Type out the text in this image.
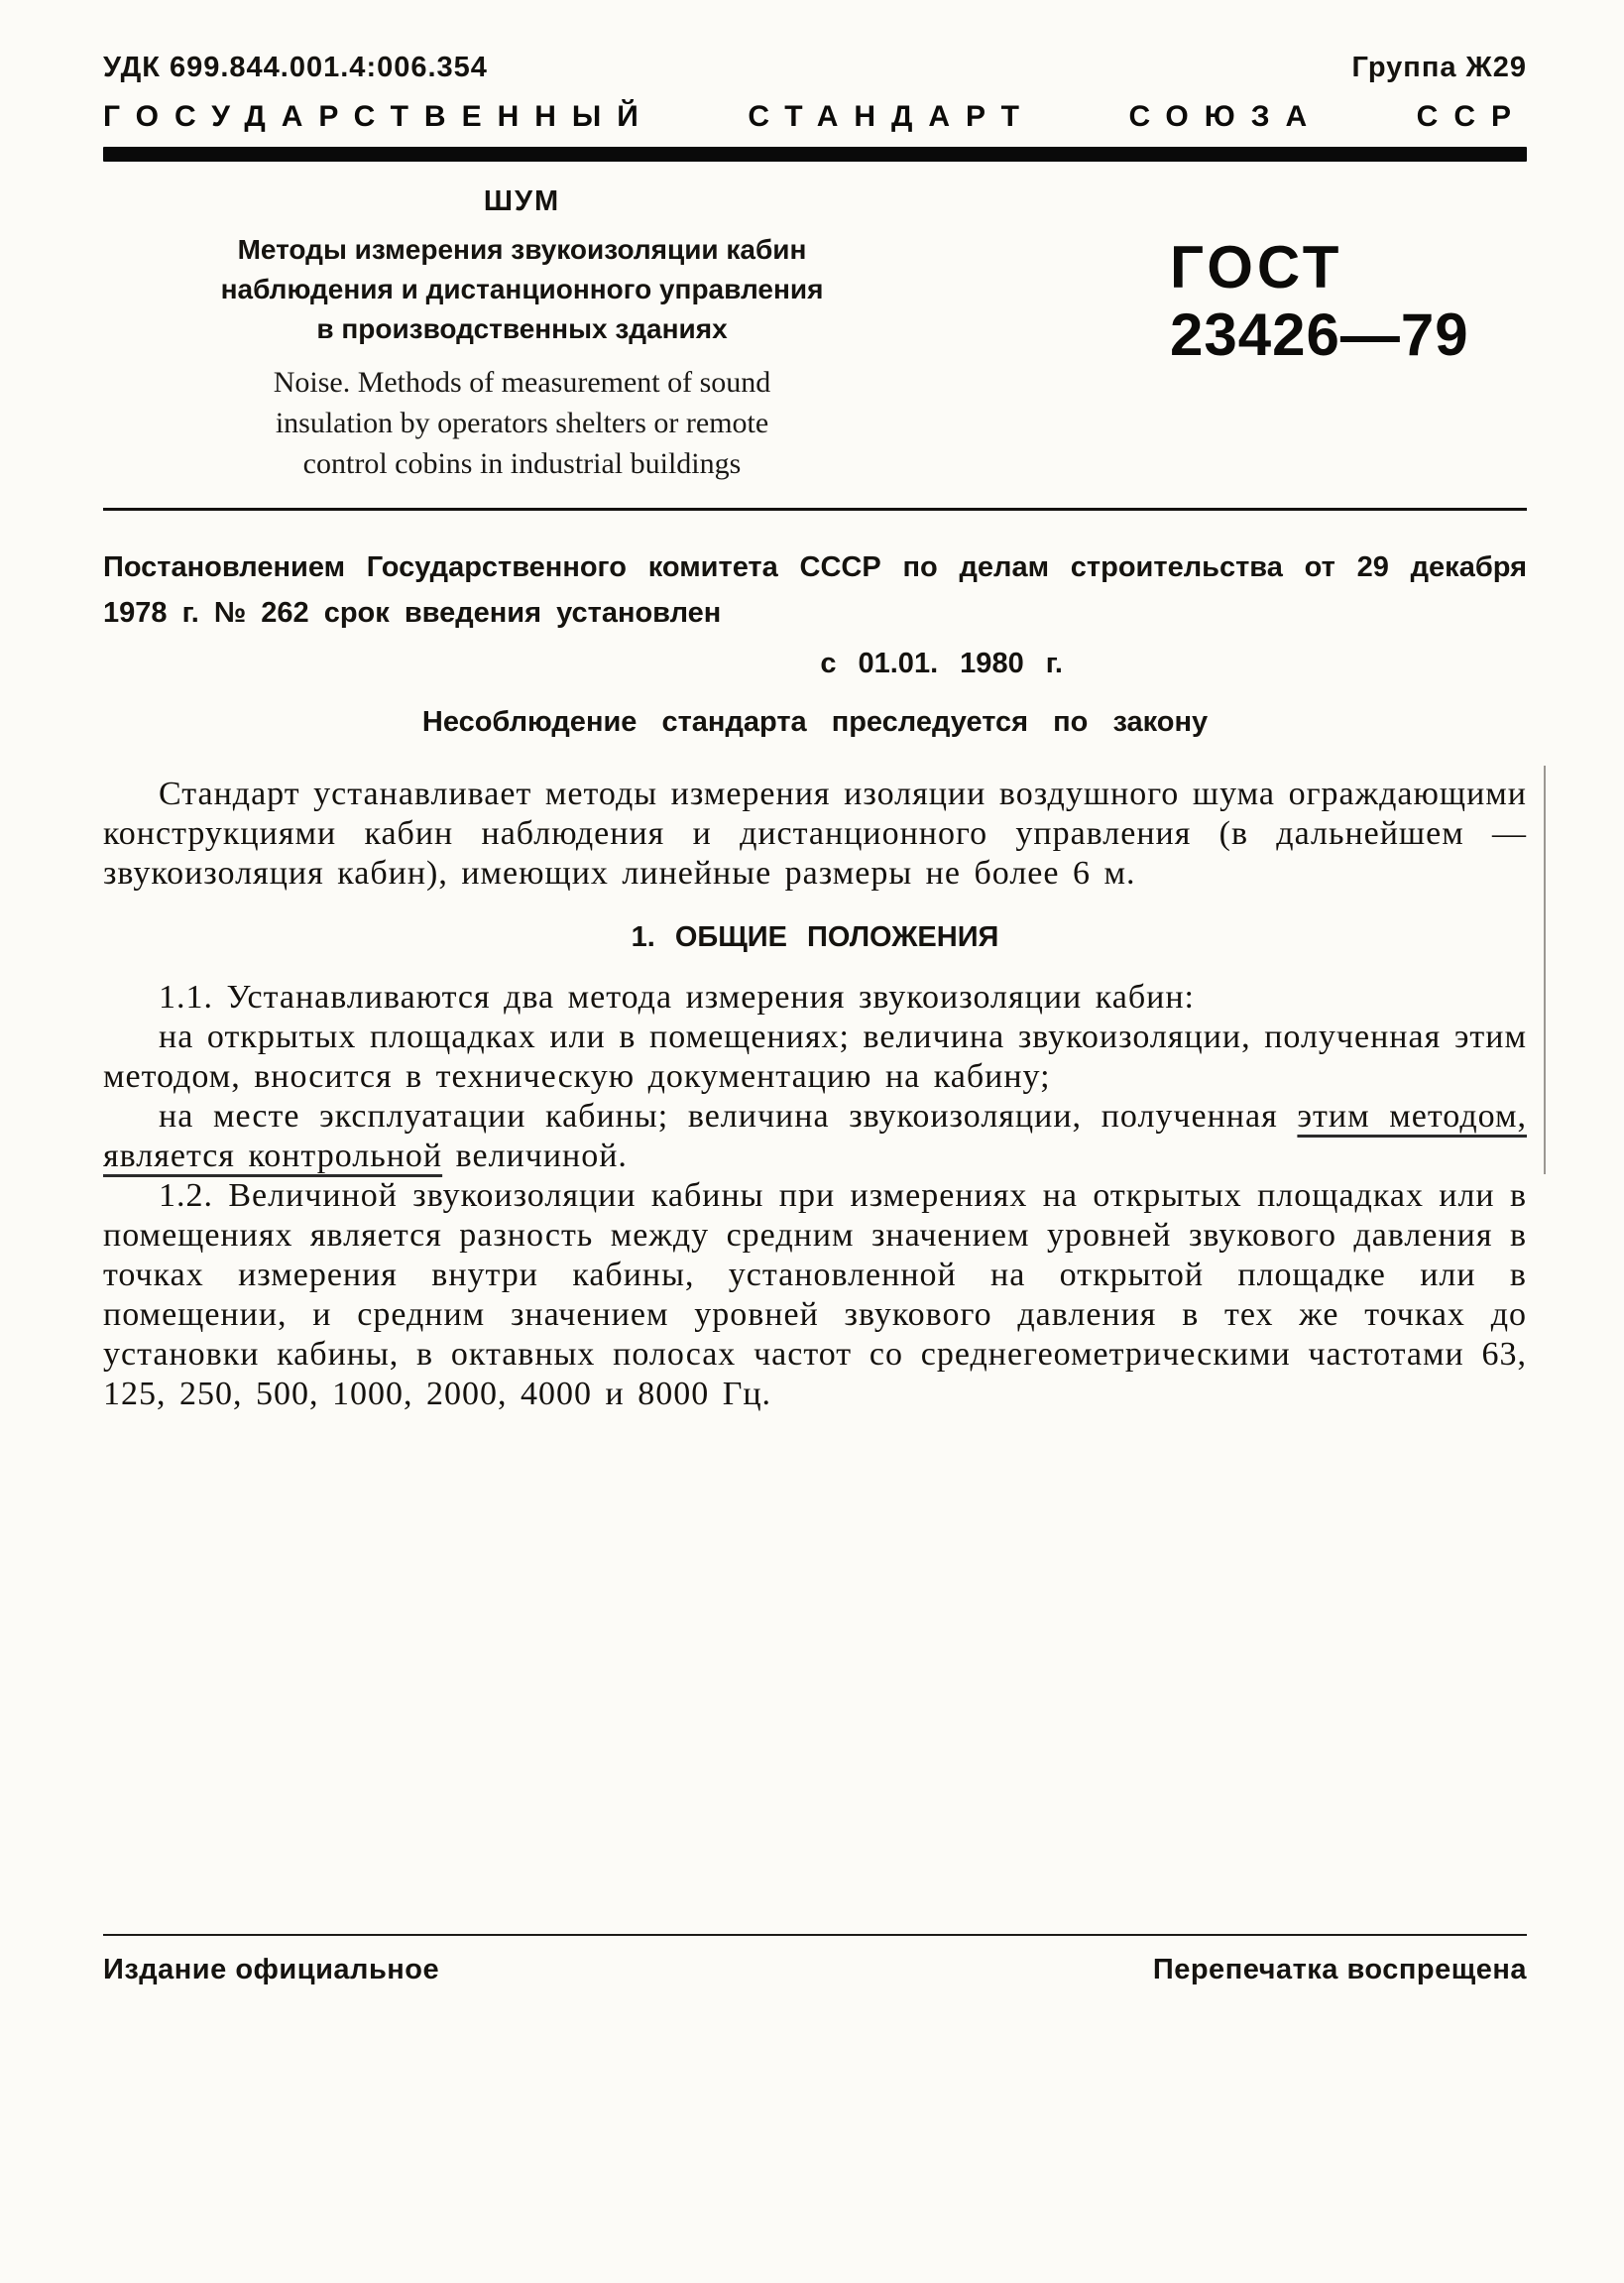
УДК 699.844.001.4:006.354	Группа Ж29
ГОСУДАРСТВЕННЫЙ СТАНДАРТ СОЮЗА ССР
ШУМ
Методы измерения звукоизоляции кабин
наблюдения и дистанционного управления
в производственных зданиях
Noise. Methods of measurement of sound
insulation by operators shelters or remote
control cobins in industrial buildings
ГОСТ
23426—79

Постановлением Государственного комитета СССР по делам строительства от 29 декабря 1978 г. № 262 срок введения установлен

с 01.01. 1980 г.
Несоблюдение стандарта преследуется по закону

Стандарт устанавливает методы измерения изоляции воздушного шума ограждающими конструкциями кабин наблюдения и дистанционного управления (в дальнейшем — звукоизоляция кабин), имеющих линейные размеры не более 6 м.

1. ОБЩИЕ ПОЛОЖЕНИЯ

1.1. Устанавливаются два метода измерения звукоизоляции кабин:

на открытых площадках или в помещениях; величина звукоизоляции, полученная этим методом, вносится в техническую документацию на кабину;

на месте эксплуатации кабины; величина звукоизоляции, полученная этим методом, является контрольной величиной.

1.2. Величиной звукоизоляции кабины при измерениях на открытых площадках или в помещениях является разность между средним значением уровней звукового давления в точках измерения внутри кабины, установленной на открытой площадке или в помещении, и средним значением уровней звукового давления в тех же точках до установки кабины, в октавных полосах частот со среднегеометрическими частотами 63, 125, 250, 500, 1000, 2000, 4000 и 8000 Гц.

Издание официальное	Перепечатка воспрещена
